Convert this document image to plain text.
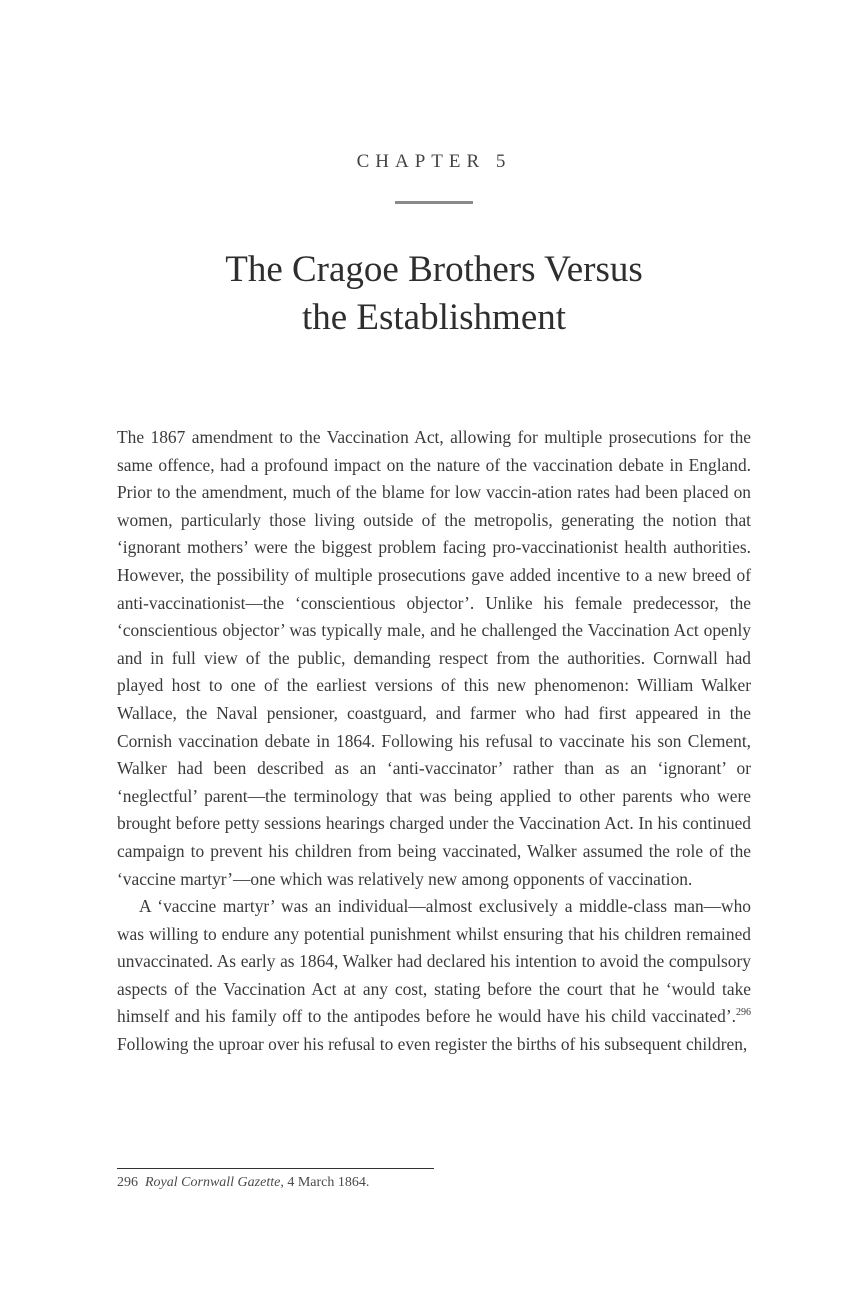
CHAPTER 5
The Cragoe Brothers Versus
the Establishment

The 1867 amendment to the Vaccination Act, allowing for multiple prosecutions for the same offence, had a profound impact on the nature of the vaccination debate in England. Prior to the amendment, much of the blame for low vaccin-ation rates had been placed on women, particularly those living outside of the metropolis, generating the notion that ‘ignorant mothers’ were the biggest problem facing pro-vaccinationist health authorities. However, the possibility of multiple prosecutions gave added incentive to a new breed of anti-vaccinationist—the ‘conscientious objector’. Unlike his female predecessor, the ‘conscientious objector’ was typically male, and he challenged the Vaccination Act openly and in full view of the public, demanding respect from the authorities. Cornwall had played host to one of the earliest versions of this new phenomenon: William Walker Wallace, the Naval pensioner, coastguard, and farmer who had first appeared in the Cornish vaccination debate in 1864. Following his refusal to vaccinate his son Clement, Walker had been described as an ‘anti-vaccinator’ rather than as an ‘ignorant’ or ‘neglectful’ parent—the terminology that was being applied to other parents who were brought before petty sessions hearings charged under the Vaccination Act. In his continued campaign to prevent his children from being vaccinated, Walker assumed the role of the ‘vaccine martyr’—one which was relatively new among opponents of vaccination.

A ‘vaccine martyr’ was an individual—almost exclusively a middle-class man—who was willing to endure any potential punishment whilst ensuring that his children remained unvaccinated. As early as 1864, Walker had declared his intention to avoid the compulsory aspects of the Vaccination Act at any cost, stating before the court that he ‘would take himself and his family off to the antipodes before he would have his child vaccinated’.$^{296}$ Following the uproar over his refusal to even register the births of his subsequent children,

296 Royal Cornwall Gazette, 4 March 1864.
